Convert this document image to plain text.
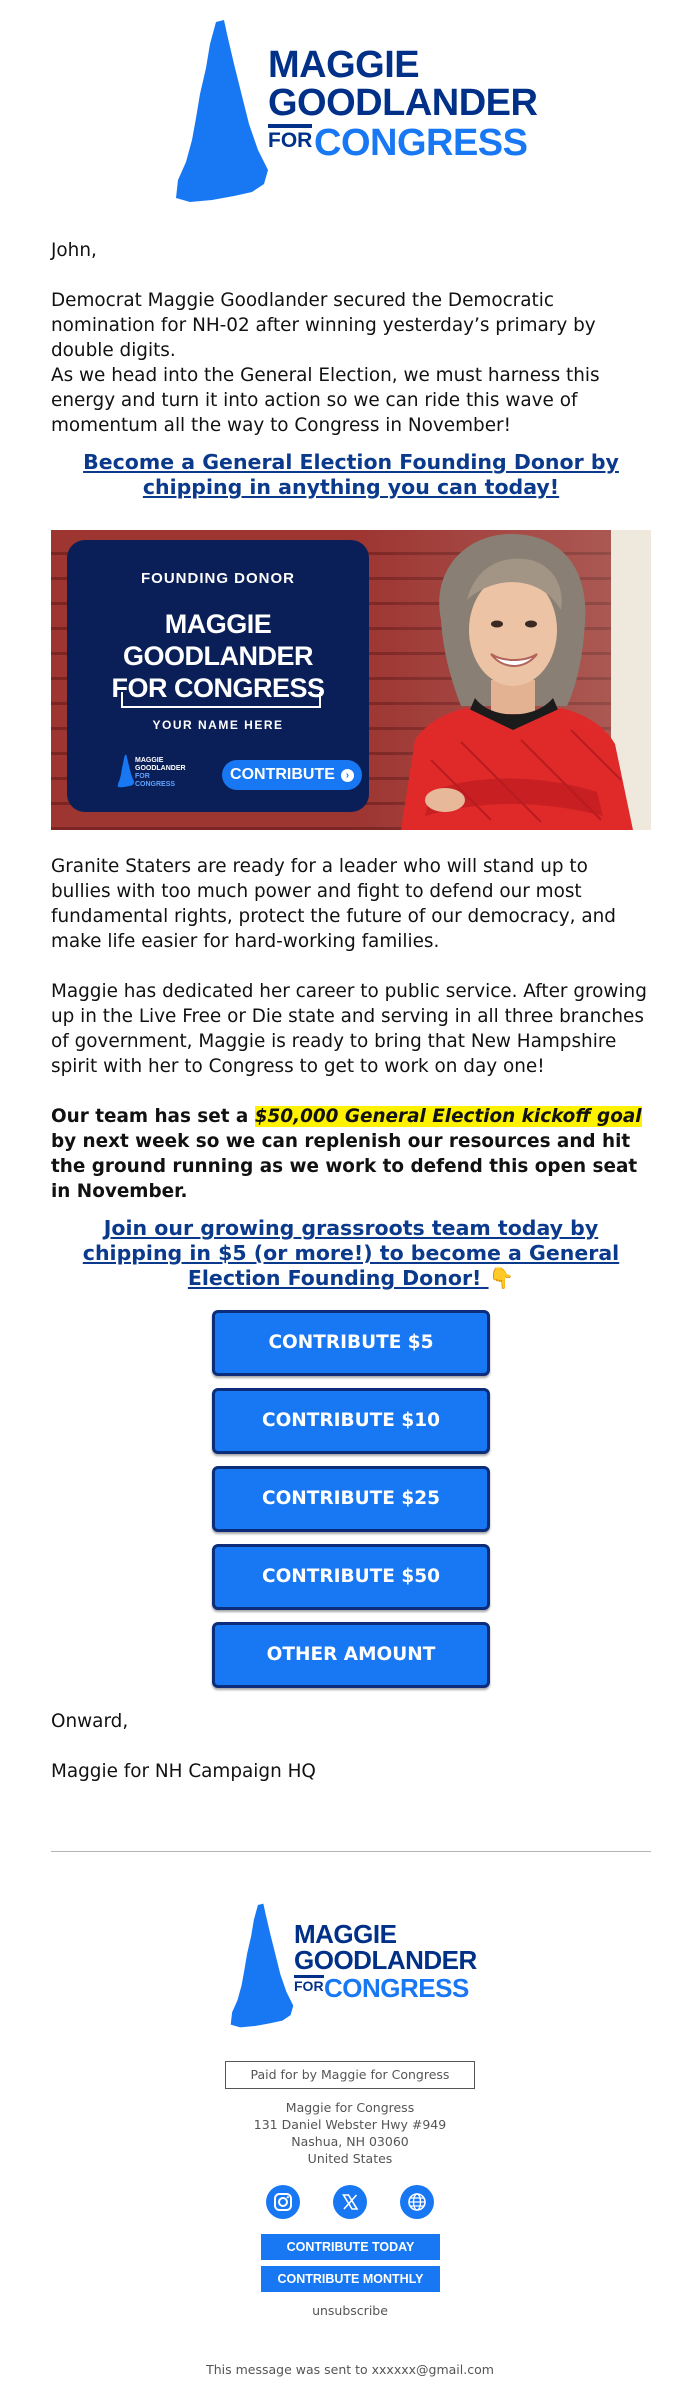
MAGGIE
GOODLANDER
FOR CONGRESS

John,

Democrat Maggie Goodlander secured the Democratic nomination for NH-02 after winning yesterday’s primary by double digits.

As we head into the General Election, we must harness this energy and turn it into action so we can ride this wave of momentum all the way to Congress in November!

Become a General Election Founding Donor by chipping in anything you can today!

FOUNDING DONOR
MAGGIE GOODLANDER
FOR CONGRESS
YOUR NAME HERE
MAGGIE
GOODLANDER
FOR CONGRESS
CONTRIBUTE ›

Granite Staters are ready for a leader who will stand up to bullies with too much power and fight to defend our most fundamental rights, protect the future of our democracy, and make life easier for hard-working families.

Maggie has dedicated her career to public service. After growing up in the Live Free or Die state and serving in all three branches of government, Maggie is ready to bring that New Hampshire spirit with her to Congress to get to work on day one!

Our team has set a $50,000 General Election kickoff goal by next week so we can replenish our resources and hit the ground running as we work to defend this open seat in November.

Join our growing grassroots team today by chipping in $5 (or more!) to become a General Election Founding Donor! 👇

CONTRIBUTE $5
CONTRIBUTE $10
CONTRIBUTE $25
CONTRIBUTE $50
OTHER AMOUNT

Onward,

Maggie for NH Campaign HQ

MAGGIE
GOODLANDER
FOR CONGRESS
Paid for by Maggie for Congress

Maggie for Congress

131 Daniel Webster Hwy #949

Nashua, NH 03060

United States

CONTRIBUTE TODAY
CONTRIBUTE MONTHLY
unsubscribe
This message was sent to xxxxxx@gmail.com
